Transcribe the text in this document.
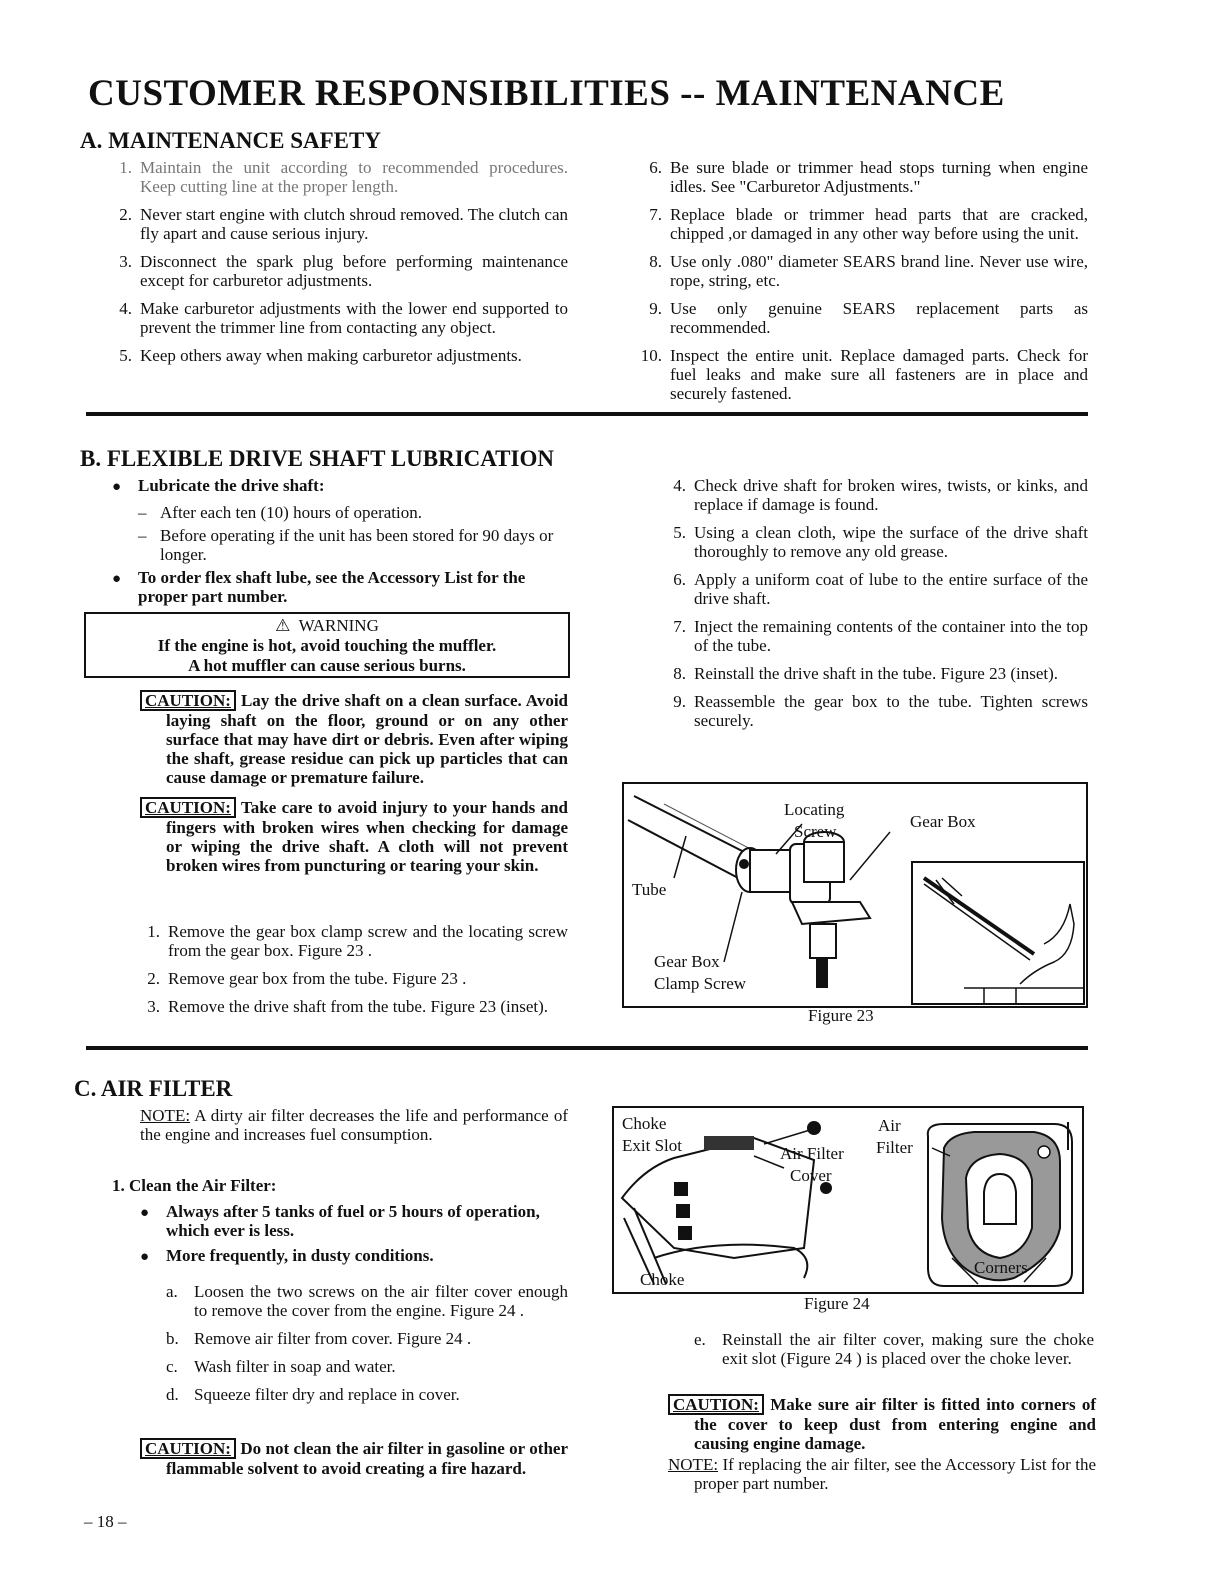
CUSTOMER RESPONSIBILITIES -- MAINTENANCE
A. MAINTENANCE SAFETY
1. Maintain the unit according to recommended procedures. Keep cutting line at the proper length.
2. Never start engine with clutch shroud removed. The clutch can fly apart and cause serious injury.
3. Disconnect the spark plug before performing maintenance except for carburetor adjustments.
4. Make carburetor adjustments with the lower end supported to prevent the trimmer line from contacting any object.
5. Keep others away when making carburetor adjustments.
6. Be sure blade or trimmer head stops turning when engine idles. See "Carburetor Adjustments."
7. Replace blade or trimmer head parts that are cracked, chipped ,or damaged in any other way before using the unit.
8. Use only .080" diameter SEARS brand line. Never use wire, rope, string, etc.
9. Use only genuine SEARS replacement parts as recommended.
10. Inspect the entire unit. Replace damaged parts. Check for fuel leaks and make sure all fasteners are in place and securely fastened.
B. FLEXIBLE DRIVE SHAFT LUBRICATION
● Lubricate the drive shaft:
– After each ten (10) hours of operation.
– Before operating if the unit has been stored for 90 days or longer.
● To order flex shaft lube, see the Accessory List for the proper part number.
⚠ WARNING
If the engine is hot, avoid touching the muffler.
A hot muffler can cause serious burns.
CAUTION: Lay the drive shaft on a clean surface. Avoid laying shaft on the floor, ground or on any other surface that may have dirt or debris. Even after wiping the shaft, grease residue can pick up particles that can cause damage or premature failure.
CAUTION: Take care to avoid injury to your hands and fingers with broken wires when checking for damage or wiping the drive shaft. A cloth will not prevent broken wires from puncturing or tearing your skin.
1. Remove the gear box clamp screw and the locating screw from the gear box. Figure 23 .
2. Remove gear box from the tube. Figure 23 .
3. Remove the drive shaft from the tube. Figure 23 (inset).
4. Check drive shaft for broken wires, twists, or kinks, and replace if damage is found.
5. Using a clean cloth, wipe the surface of the drive shaft thoroughly to remove any old grease.
6. Apply a uniform coat of lube to the entire surface of the drive shaft.
7. Inject the remaining contents of the container into the top of the tube.
8. Reinstall the drive shaft in the tube. Figure 23 (inset).
9. Reassemble the gear box to the tube. Tighten screws securely.
Locating
Screw
Gear Box
Tube
Gear Box
Clamp Screw
Figure 23
C. AIR FILTER
NOTE: A dirty air filter decreases the life and performance of the engine and increases fuel consumption.
1. Clean the Air Filter:
● Always after 5 tanks of fuel or 5 hours of operation, which ever is less.
● More frequently, in dusty conditions.
a. Loosen the two screws on the air filter cover enough to remove the cover from the engine. Figure 24 .
b. Remove air filter from cover. Figure 24 .
c. Wash filter in soap and water.
d. Squeeze filter dry and replace in cover.
CAUTION: Do not clean the air filter in gasoline or other flammable solvent to avoid creating a fire hazard.
Choke
Exit Slot	Air Filter
Cover
Air
Filter
Choke
Corners
Figure 24
e. Reinstall the air filter cover, making sure the choke exit slot (Figure 24 ) is placed over the choke lever.
CAUTION: Make sure air filter is fitted into corners of the cover to keep dust from entering engine and causing engine damage.
NOTE: If replacing the air filter, see the Accessory List for the proper part number.
– 18 –
